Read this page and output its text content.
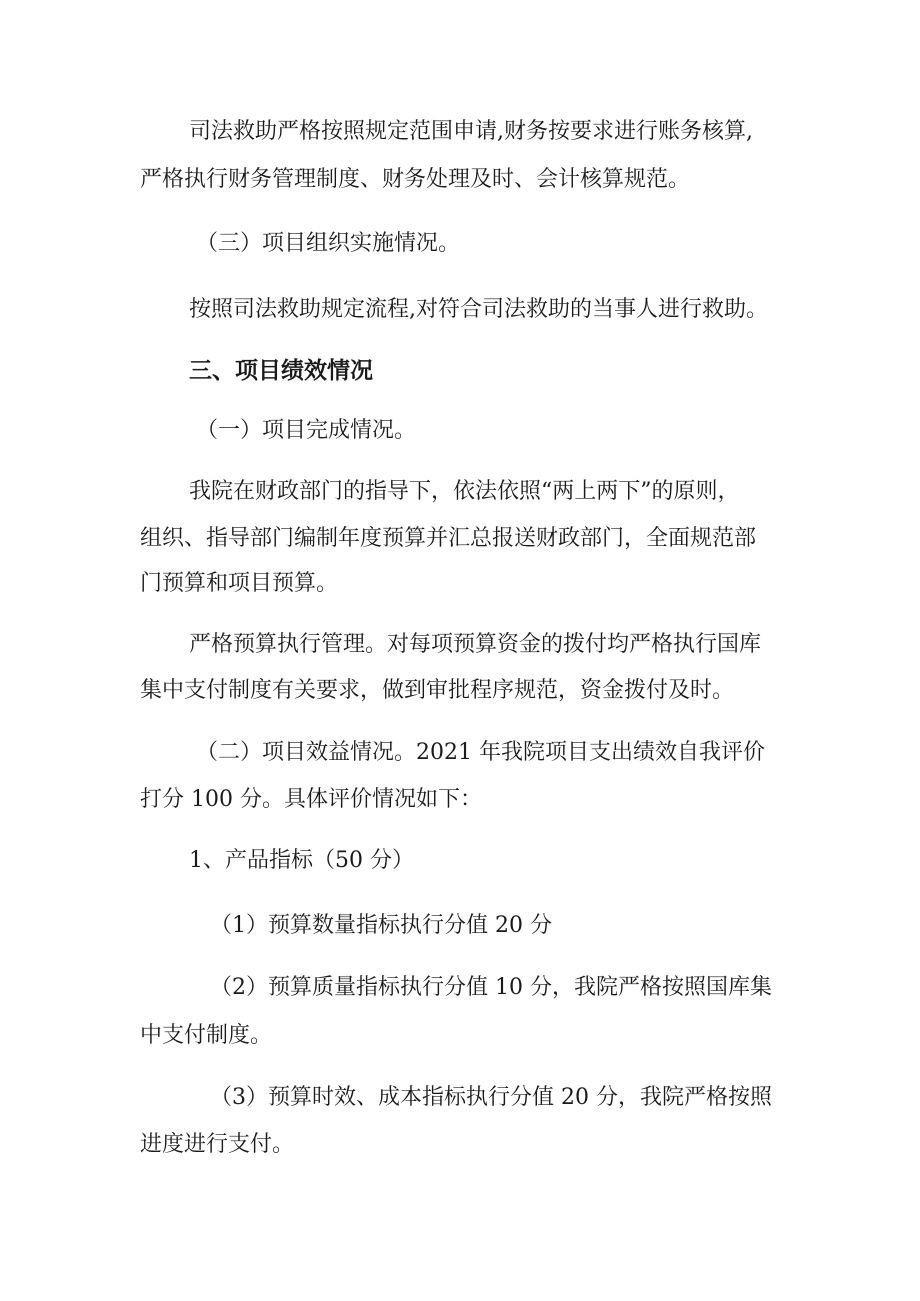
司法救助严格按照规定范围申请,财务按要求进行账务核算,
严格执行财务管理制度、财务处理及时、会计核算规范。
（三）项目组织实施情况。
按照司法救助规定流程,对符合司法救助的当事人进行救助。
三、项目绩效情况
（一）项目完成情况。
我院在财政部门的指导下，依法依照“两上两下”的原则，
组织、指导部门编制年度预算并汇总报送财政部门，全面规范部
门预算和项目预算。
严格预算执行管理。对每项预算资金的拨付均严格执行国库
集中支付制度有关要求，做到审批程序规范，资金拨付及时。
（二）项目效益情况。2021 年我院项目支出绩效自我评价
打分 100 分。具体评价情况如下：
1、产品指标（50 分）
（1）预算数量指标执行分值 20 分
（2）预算质量指标执行分值 10 分，我院严格按照国库集
中支付制度。
（3）预算时效、成本指标执行分值 20 分，我院严格按照
进度进行支付。
